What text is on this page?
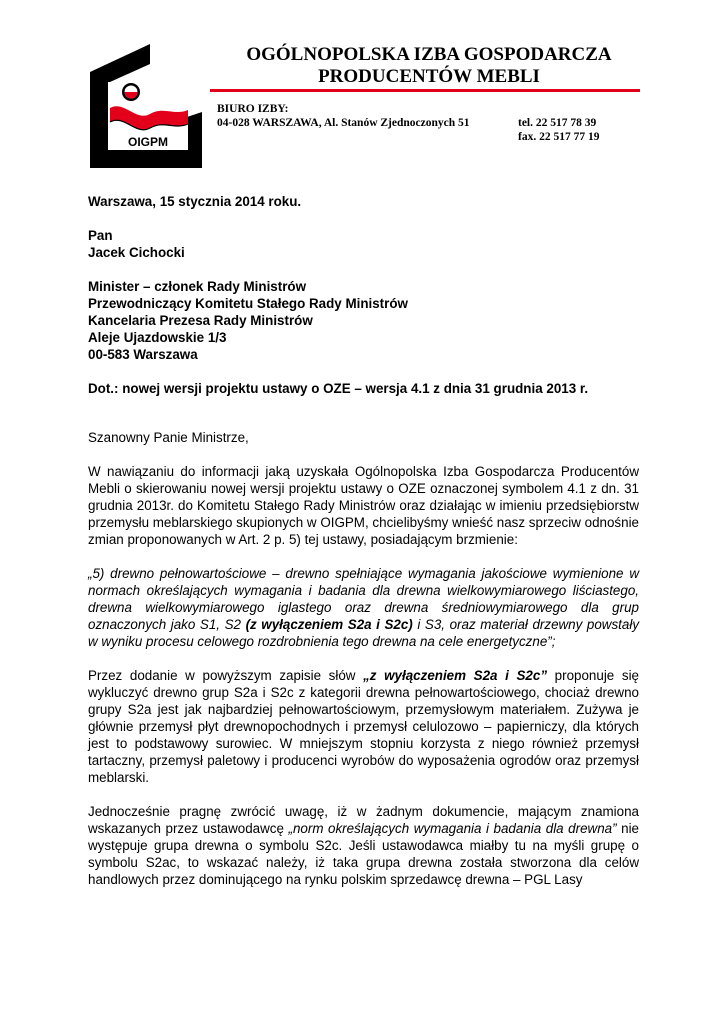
OIGPM
OGÓLNOPOLSKA IZBA GOSPODARCZA
PRODUCENTÓW MEBLI
BIURO IZBY:
04-028 WARSZAWA, Al. Stanów Zjednoczonych 51	tel. 22 517 78 39
fax. 22 517 77 19

Warszawa, 15 stycznia 2014 roku.

Pan
Jacek Cichocki

Minister – członek Rady Ministrów
Przewodniczący Komitetu Stałego Rady Ministrów
Kancelaria Prezesa Rady Ministrów
Aleje Ujazdowskie 1/3
00-583 Warszawa

Dot.: nowej wersji projektu ustawy o OZE – wersja 4.1 z dnia 31 grudnia 2013 r.

Szanowny Panie Ministrze,

W nawiązaniu do informacji jaką uzyskała Ogólnopolska Izba Gospodarcza Producentów Mebli o skierowaniu nowej wersji projektu ustawy o OZE oznaczonej symbolem 4.1 z dn. 31 grudnia 2013r. do Komitetu Stałego Rady Ministrów oraz działając w imieniu przedsiębiorstw przemysłu meblarskiego skupionych w OIGPM, chcielibyśmy wnieść nasz sprzeciw odnośnie zmian proponowanych w Art. 2 p. 5) tej ustawy, posiadającym brzmienie:

„5) drewno pełnowartościowe – drewno spełniające wymagania jakościowe wymienione w normach określających wymagania i badania dla drewna wielkowymiarowego liściastego, drewna wielkowymiarowego iglastego oraz drewna średniowymiarowego dla grup oznaczonych jako S1, S2 (z wyłączeniem S2a i S2c) i S3, oraz materiał drzewny powstały w wyniku procesu celowego rozdrobnienia tego drewna na cele energetyczne”;

Przez dodanie w powyższym zapisie słów „z wyłączeniem S2a i S2c” proponuje się wykluczyć drewno grup S2a i S2c z kategorii drewna pełnowartościowego, chociaż drewno grupy S2a jest jak najbardziej pełnowartościowym, przemysłowym materiałem. Zużywa je głównie przemysł płyt drewnopochodnych i przemysł celulozowo – papierniczy, dla których jest to podstawowy surowiec. W mniejszym stopniu korzysta z niego również przemysł tartaczny, przemysł paletowy i producenci wyrobów do wyposażenia ogrodów oraz przemysł meblarski.

Jednocześnie pragnę zwrócić uwagę, iż w żadnym dokumencie, mającym znamiona wskazanych przez ustawodawcę „norm określających wymagania i badania dla drewna” nie występuje grupa drewna o symbolu S2c. Jeśli ustawodawca miałby tu na myśli grupę o symbolu S2ac, to wskazać należy, iż taka grupa drewna została stworzona dla celów handlowych przez dominującego na rynku polskim sprzedawcę drewna – PGL Lasy
